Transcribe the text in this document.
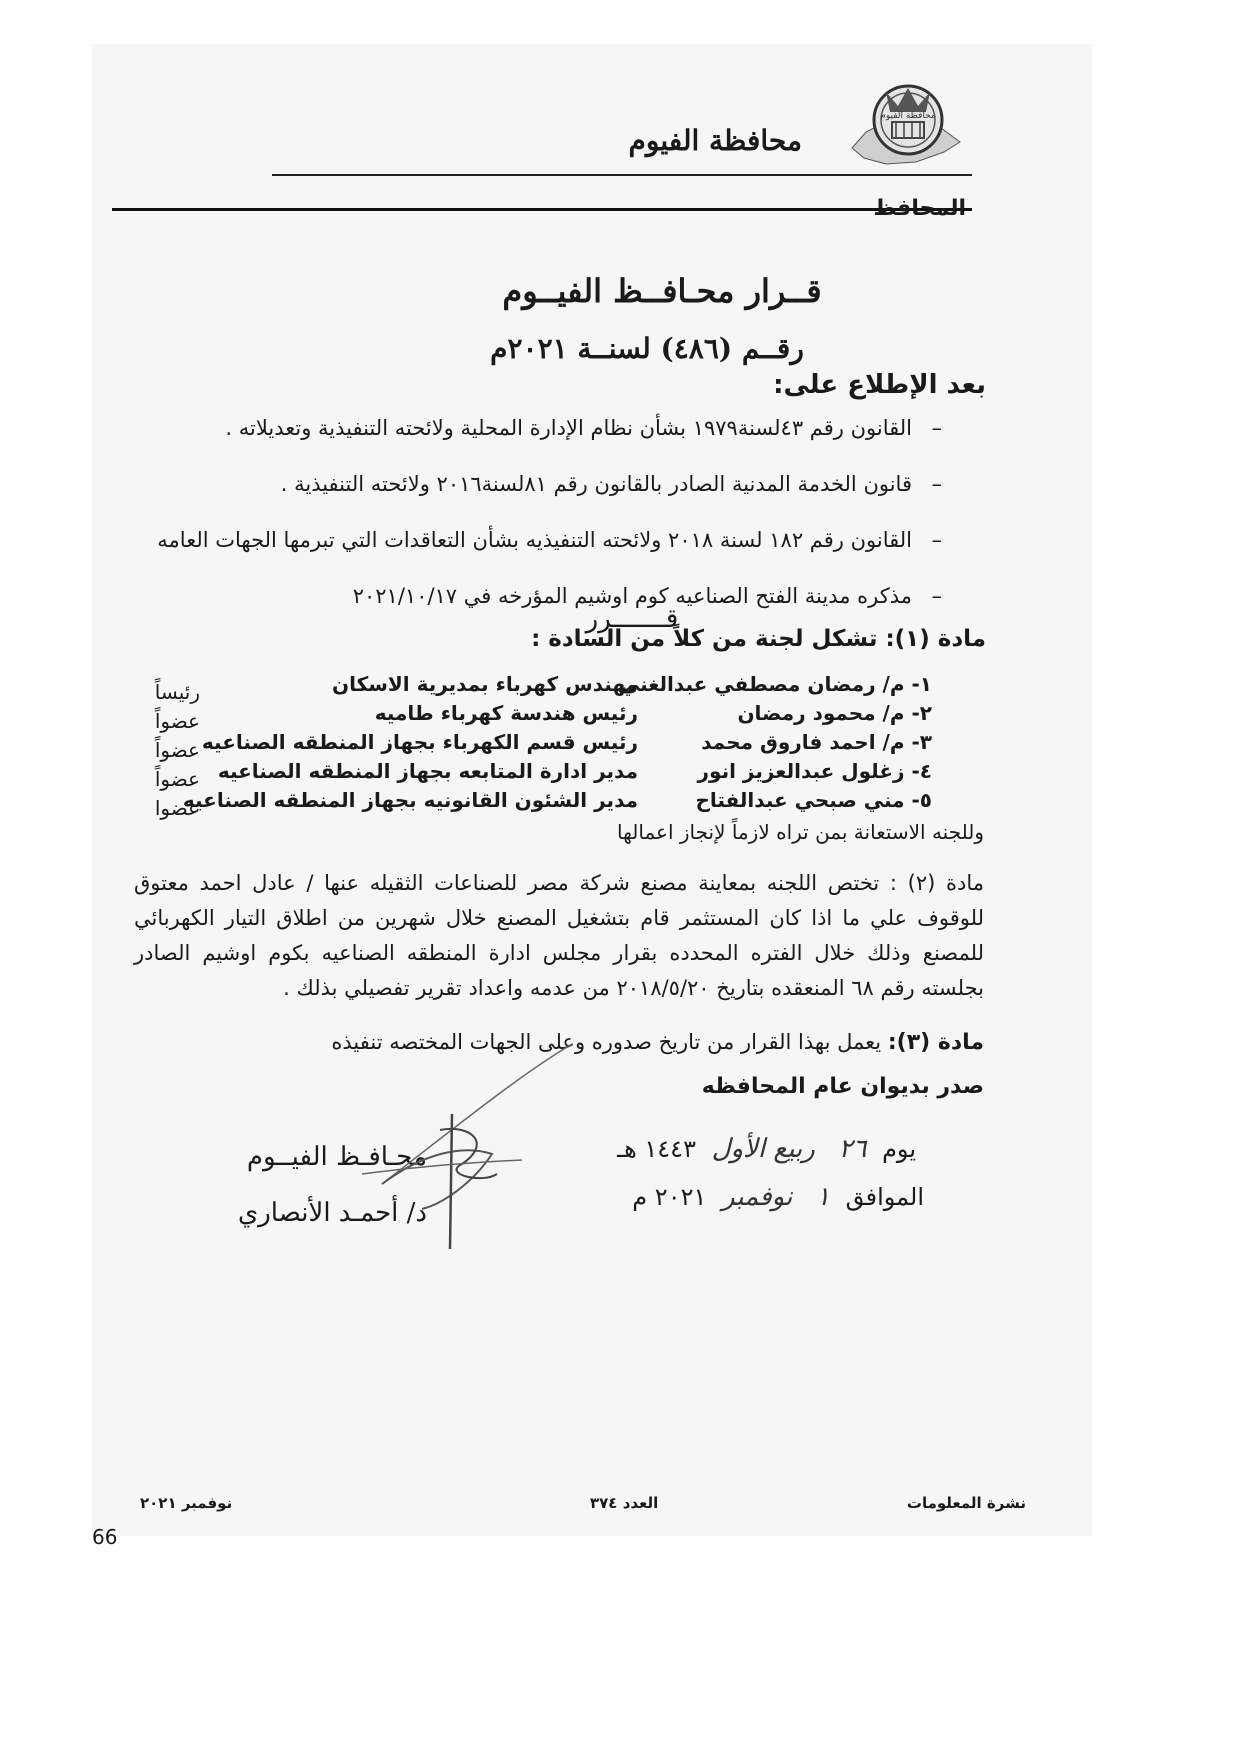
محافظة الفيوم
محافظة الفيوم
المحافظ
قــرار محـافــظ الفيــوم
رقــم (٤٨٦) لسنــة ٢٠٢١م
بعد الإطلاع على:
– القانون رقم ٤٣لسنة١٩٧٩ بشأن نظام الإدارة المحلية ولائحته التنفيذية وتعديلاته .
– قانون الخدمة المدنية الصادر بالقانون رقم ٨١لسنة٢٠١٦ ولائحته التنفيذية .
– القانون رقم ١٨٢ لسنة ٢٠١٨ ولائحته التنفيذيه بشأن التعاقدات التي تبرمها الجهات العامه
– مذكره مدينة الفتح الصناعيه كوم اوشيم المؤرخه في ٢٠٢١/١٠/١٧
قـــــــرر
مادة (١): تشكل لجنة من كلاً من السادة :
١- م/ رمضان مصطفي عبدالغني
مهندس كهرباء بمديرية الاسكان
رئيساً
٢- م/ محمود رمضان
رئيس هندسة كهرباء طاميه
عضواً
٣- م/ احمد فاروق محمد
رئيس قسم الكهرباء بجهاز المنطقه الصناعيه
عضواً
٤- زغلول عبدالعزيز انور
مدير ادارة المتابعه بجهاز المنطقه الصناعيه
عضواً
٥- مني صبحي عبدالفتاح
مدير الشئون القانونيه بجهاز المنطقه الصناعيه
عضوا
وللجنه الاستعانة بمن تراه لازماً لإنجاز اعمالها
مادة (٢) : تختص اللجنه بمعاينة مصنع شركة مصر للصناعات الثقيله عنها / عادل احمد معتوق للوقوف علي ما اذا كان المستثمر قام بتشغيل المصنع خلال شهرين من اطلاق التيار الكهربائي للمصنع وذلك خلال الفتره المحدده بقرار مجلس ادارة المنطقه الصناعيه بكوم اوشيم الصادر بجلسته رقم ٦٨ المنعقده بتاريخ ٢٠١٨/٥/٢٠ من عدمه واعداد تقرير تفصيلي بذلك .
مادة (٣): يعمل بهذا القرار من تاريخ صدوره وعلى الجهات المختصه تنفيذه
صدر بديوان عام المحافظه
يوم ٢٦ ربيع الأول ١٤٤٣ هـ
الموافق ١ نوفمبر ٢٠٢١ م
محـافـظ الفيــوم
د/ أحمـد الأنصاري
نشرة المعلومات
العدد ٣٧٤
نوفمبر ٢٠٢١
66
